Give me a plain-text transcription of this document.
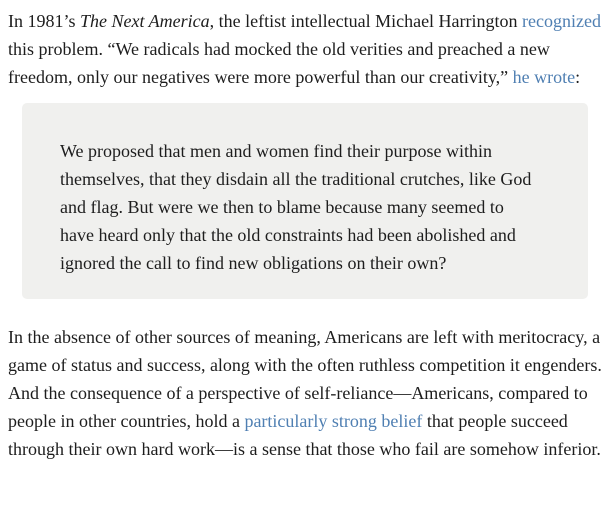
In 1981’s The Next America, the leftist intellectual Michael Harrington recognized this problem. “We radicals had mocked the old verities and preached a new freedom, only our negatives were more powerful than our creativity,” he wrote:

We proposed that men and women find their purpose within themselves, that they disdain all the traditional crutches, like God and flag. But were we then to blame because many seemed to have heard only that the old constraints had been abolished and ignored the call to find new obligations on their own?

In the absence of other sources of meaning, Americans are left with meritocracy, a game of status and success, along with the often ruthless competition it engenders. And the consequence of a perspective of self-reliance—Americans, compared to people in other countries, hold a particularly strong belief that people succeed through their own hard work—is a sense that those who fail are somehow inferior.
